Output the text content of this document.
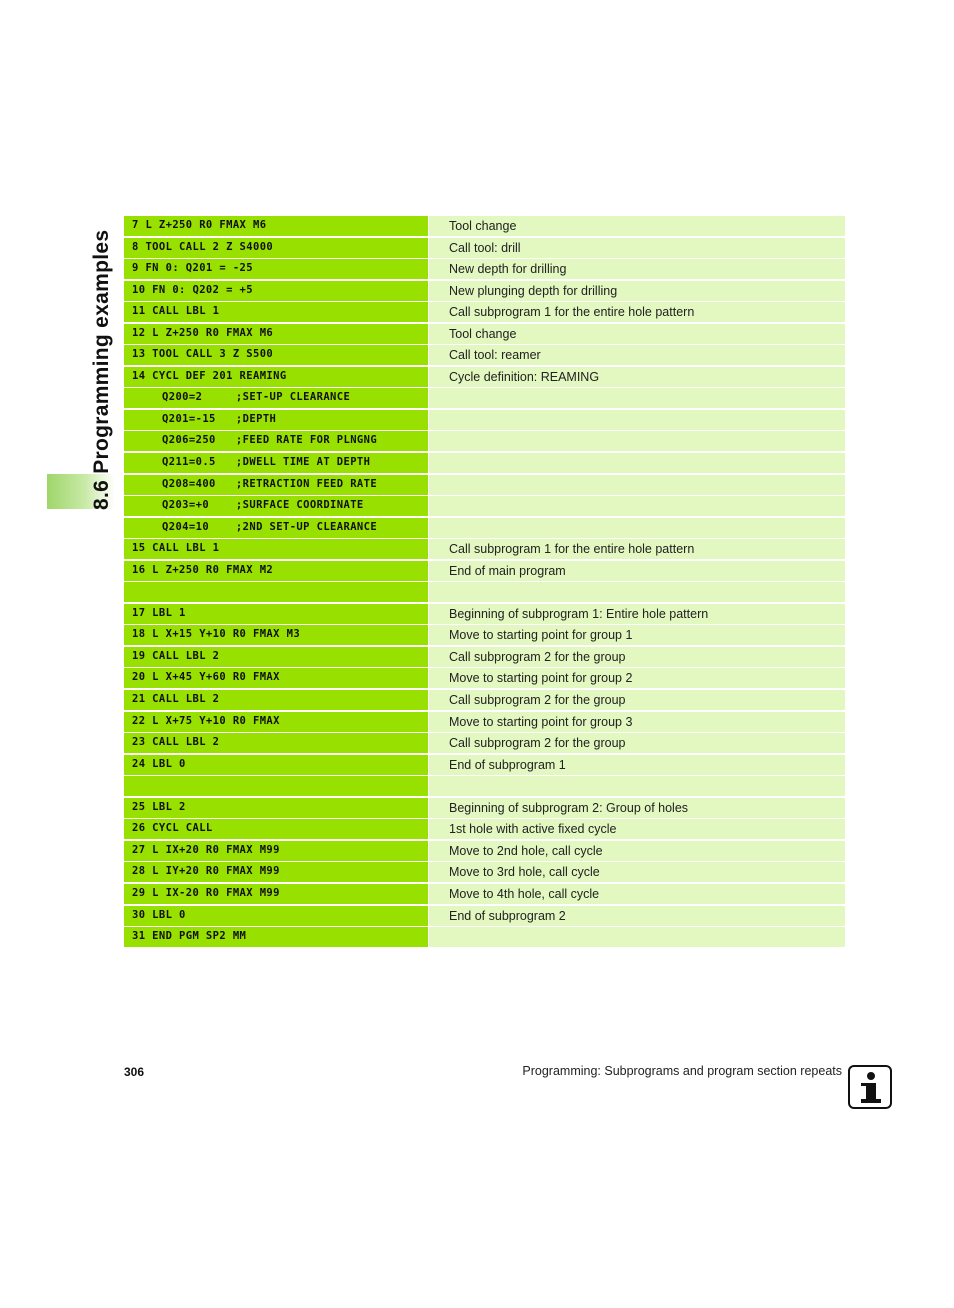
8.6 Programming examples
7 L Z+250 R0 FMAX M6	Tool change
8 TOOL CALL 2 Z S4000	Call tool: drill
9 FN 0: Q201 = -25	New depth for drilling
10 FN 0: Q202 = +5	New plunging depth for drilling
11 CALL LBL 1	Call subprogram 1 for the entire hole pattern
12 L Z+250 R0 FMAX M6	Tool change
13 TOOL CALL 3 Z S500	Call tool: reamer
14 CYCL DEF 201 REAMING	Cycle definition: REAMING
Q200=2     ;SET-UP CLEARANCE
Q201=-15   ;DEPTH
Q206=250   ;FEED RATE FOR PLNGNG
Q211=0.5   ;DWELL TIME AT DEPTH
Q208=400   ;RETRACTION FEED RATE
Q203=+0    ;SURFACE COORDINATE
Q204=10    ;2ND SET-UP CLEARANCE
15 CALL LBL 1	Call subprogram 1 for the entire hole pattern
16 L Z+250 R0 FMAX M2	End of main program
17 LBL 1	Beginning of subprogram 1: Entire hole pattern
18 L X+15 Y+10 R0 FMAX M3	Move to starting point for group 1
19 CALL LBL 2	Call subprogram 2 for the group
20 L X+45 Y+60 R0 FMAX	Move to starting point for group 2
21 CALL LBL 2	Call subprogram 2 for the group
22 L X+75 Y+10 R0 FMAX	Move to starting point for group 3
23 CALL LBL 2	Call subprogram 2 for the group
24 LBL 0	End of subprogram 1
25 LBL 2	Beginning of subprogram 2: Group of holes
26 CYCL CALL	1st hole with active fixed cycle
27 L IX+20 R0 FMAX M99	Move to 2nd hole, call cycle
28 L IY+20 R0 FMAX M99	Move to 3rd hole, call cycle
29 L IX-20 R0 FMAX M99	Move to 4th hole, call cycle
30 LBL 0	End of subprogram 2
31 END PGM SP2 MM
306	Programming: Subprograms and program section repeats
